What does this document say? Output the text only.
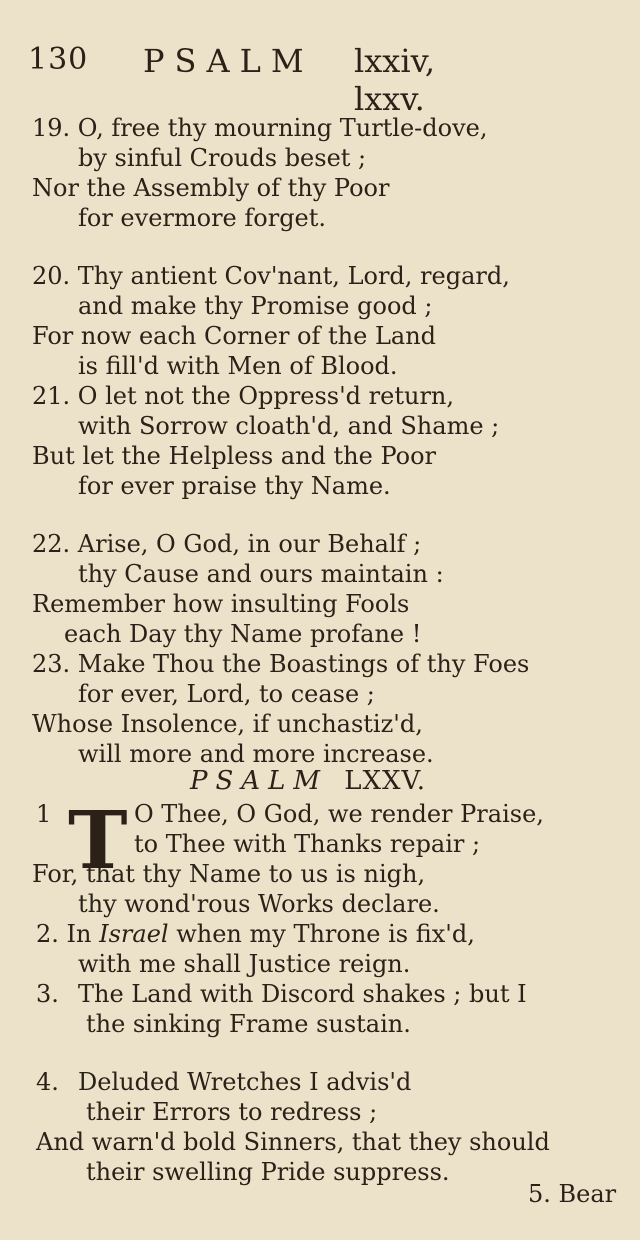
130 PSALM lxxiv, lxxv.
19. O, free thy mourning Turtle-dove,
by sinful Crouds beset ;
Nor the Assembly of thy Poor
for evermore forget.
20. Thy antient Cov'nant, Lord, regard,
and make thy Promise good ;
For now each Corner of the Land
is fill'd with Men of Blood.
21. O let not the Oppress'd return,
with Sorrow cloath'd, and Shame ;
But let the Helpless and the Poor
for ever praise thy Name.
22. Arise, O God, in our Behalf ;
thy Cause and ours maintain :
Remember how insulting Fools
each Day thy Name profane !
23. Make Thou the Boastings of thy Foes
for ever, Lord, to cease ;
Whose Insolence, if unchastiz'd,
will more and more increase.
PSALM LXXV.
1 T O Thee, O God, we render Praise,
to Thee with Thanks repair ;
For, that thy Name to us is nigh,
thy wond'rous Works declare.
2. In Israel when my Throne is fix'd,
with me shall Justice reign.
3. The Land with Discord shakes ; but I
the sinking Frame sustain.
4. Deluded Wretches I advis'd
their Errors to redress ;
And warn'd bold Sinners, that they should
their swelling Pride suppress.
5. Bear
